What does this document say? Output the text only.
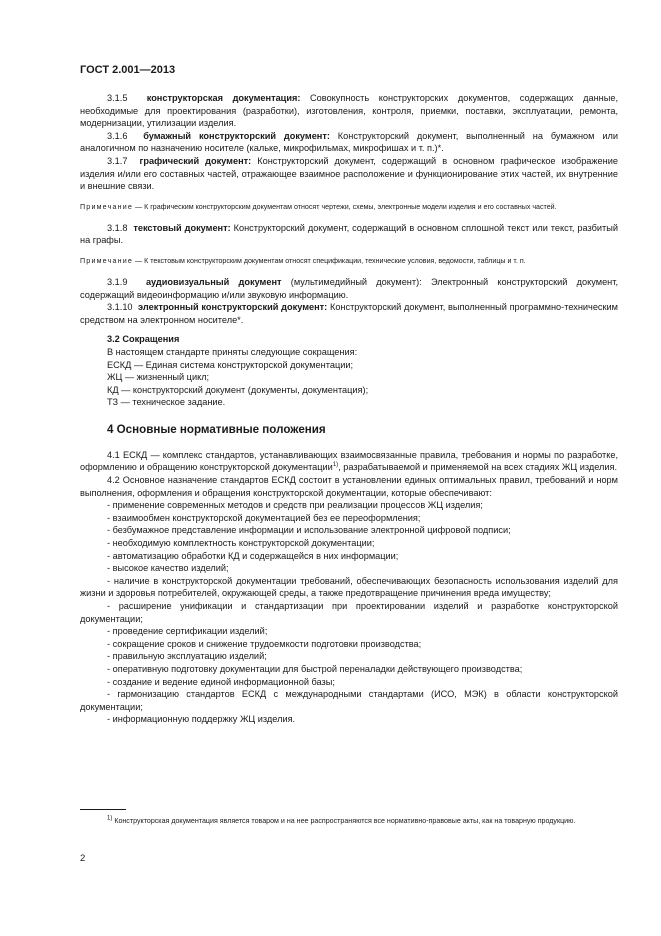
ГОСТ 2.001—2013

3.1.5 конструкторская документация: Совокупность конструкторских документов, содержащих данные, необходимые для проектирования (разработки), изготовления, контроля, приемки, поставки, эксплуатации, ремонта, модернизации, утилизации изделия.

3.1.6 бумажный конструкторский документ: Конструкторский документ, выполненный на бумажном или аналогичном по назначению носителе (кальке, микрофильмах, микрофишах и т. п.)*.

3.1.7 графический документ: Конструкторский документ, содержащий в основном графическое изображение изделия и/или его составных частей, отражающее взаимное расположение и функционирование этих частей, их внутренние и внешние связи.

Примечание — К графическим конструкторским документам относят чертежи, схемы, электронные модели изделия и его составных частей.

3.1.8 текстовый документ: Конструкторский документ, содержащий в основном сплошной текст или текст, разбитый на графы.

Примечание — К текстовым конструкторским документам относят спецификации, технические условия, ведомости, таблицы и т. п.

3.1.9 аудиовизуальный документ (мультимедийный документ): Электронный конструкторский документ, содержащий видеоинформацию и/или звуковую информацию.

3.1.10 электронный конструкторский документ: Конструкторский документ, выполненный программно-техническим средством на электронном носителе*.

3.2 Сокращения

В настоящем стандарте приняты следующие сокращения:

ЕСКД — Единая система конструкторской документации;

ЖЦ — жизненный цикл;

КД — конструкторский документ (документы, документация);

ТЗ — техническое задание.

4 Основные нормативные положения

4.1 ЕСКД — комплекс стандартов, устанавливающих взаимосвязанные правила, требования и нормы по разработке, оформлению и обращению конструкторской документации$^{1)}$, разрабатываемой и применяемой на всех стадиях ЖЦ изделия.

4.2 Основное назначение стандартов ЕСКД состоит в установлении единых оптимальных правил, требований и норм выполнения, оформления и обращения конструкторской документации, которые обеспечивают:

- применение современных методов и средств при реализации процессов ЖЦ изделия;

- взаимообмен конструкторской документацией без ее переоформления;

- безбумажное представление информации и использование электронной цифровой подписи;

- необходимую комплектность конструкторской документации;

- автоматизацию обработки КД и содержащейся в них информации;

- высокое качество изделий;

- наличие в конструкторской документации требований, обеспечивающих безопасность использования изделий для жизни и здоровья потребителей, окружающей среды, а также предотвращение причинения вреда имуществу;

- расширение унификации и стандартизации при проектировании изделий и разработке конструкторской документации;

- проведение сертификации изделий;

- сокращение сроков и снижение трудоемкости подготовки производства;

- правильную эксплуатацию изделий;

- оперативную подготовку документации для быстрой переналадки действующего производства;

- создание и ведение единой информационной базы;

- гармонизацию стандартов ЕСКД с международными стандартами (ИСО, МЭК) в области конструкторской документации;

- информационную поддержку ЖЦ изделия.

$^{1)}$ Конструкторская документация является товаром и на нее распространяются все нормативно-правовые акты, как на товарную продукцию.

2
